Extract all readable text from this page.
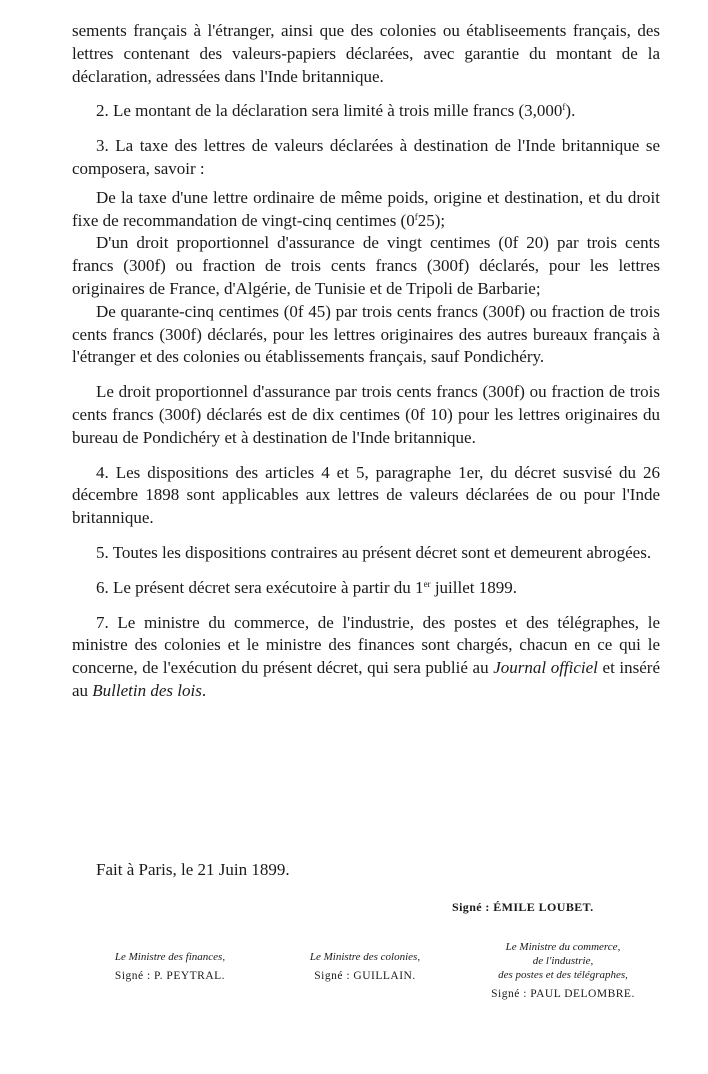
sements français à l'étranger, ainsi que des colonies ou établiseements français, des lettres contenant des valeurs-papiers déclarées, avec garantie du montant de la déclaration, adressées dans l'Inde britannique.

2. Le montant de la déclaration sera limité à trois mille francs (3,000$^f$).

3. La taxe des lettres de valeurs déclarées à destination de l'Inde britannique se composera, savoir :

De la taxe d'une lettre ordinaire de même poids, origine et destination, et du droit fixe de recommandation de vingt-cinq centimes (0$^f$25);

D'un droit proportionnel d'assurance de vingt centimes (0f 20) par trois cents francs (300f) ou fraction de trois cents francs (300f) déclarés, pour les lettres originaires de France, d'Algérie, de Tunisie et de Tripoli de Barbarie;

De quarante-cinq centimes (0f 45) par trois cents francs (300f) ou fraction de trois cents francs (300f) déclarés, pour les lettres originaires des autres bureaux français à l'étranger et des colonies ou établissements français, sauf Pondichéry.

Le droit proportionnel d'assurance par trois cents francs (300f) ou fraction de trois cents francs (300f) déclarés est de dix centimes (0f 10) pour les lettres originaires du bureau de Pondichéry et à destination de l'Inde britannique.

4. Les dispositions des articles 4 et 5, paragraphe 1er, du décret susvisé du 26 décembre 1898 sont applicables aux lettres de valeurs déclarées de ou pour l'Inde britannique.

5. Toutes les dispositions contraires au présent décret sont et demeurent abrogées.

6. Le présent décret sera exécutoire à partir du 1er juillet 1899.

7. Le ministre du commerce, de l'industrie, des postes et des télégraphes, le ministre des colonies et le ministre des finances sont chargés, chacun en ce qui le concerne, de l'exécution du présent décret, qui sera publié au Journal officiel et inséré au Bulletin des lois.

Fait à Paris, le 21 Juin 1899.
Signé : ÉMILE LOUBET.
Le Ministre des finances,
Signé : P. PEYTRAL.
Le Ministre des colonies,
Signé : GUILLAIN.
Le Ministre du commerce,
de l'industrie,
des postes et des télégraphes,
Signé : PAUL DELOMBRE.
